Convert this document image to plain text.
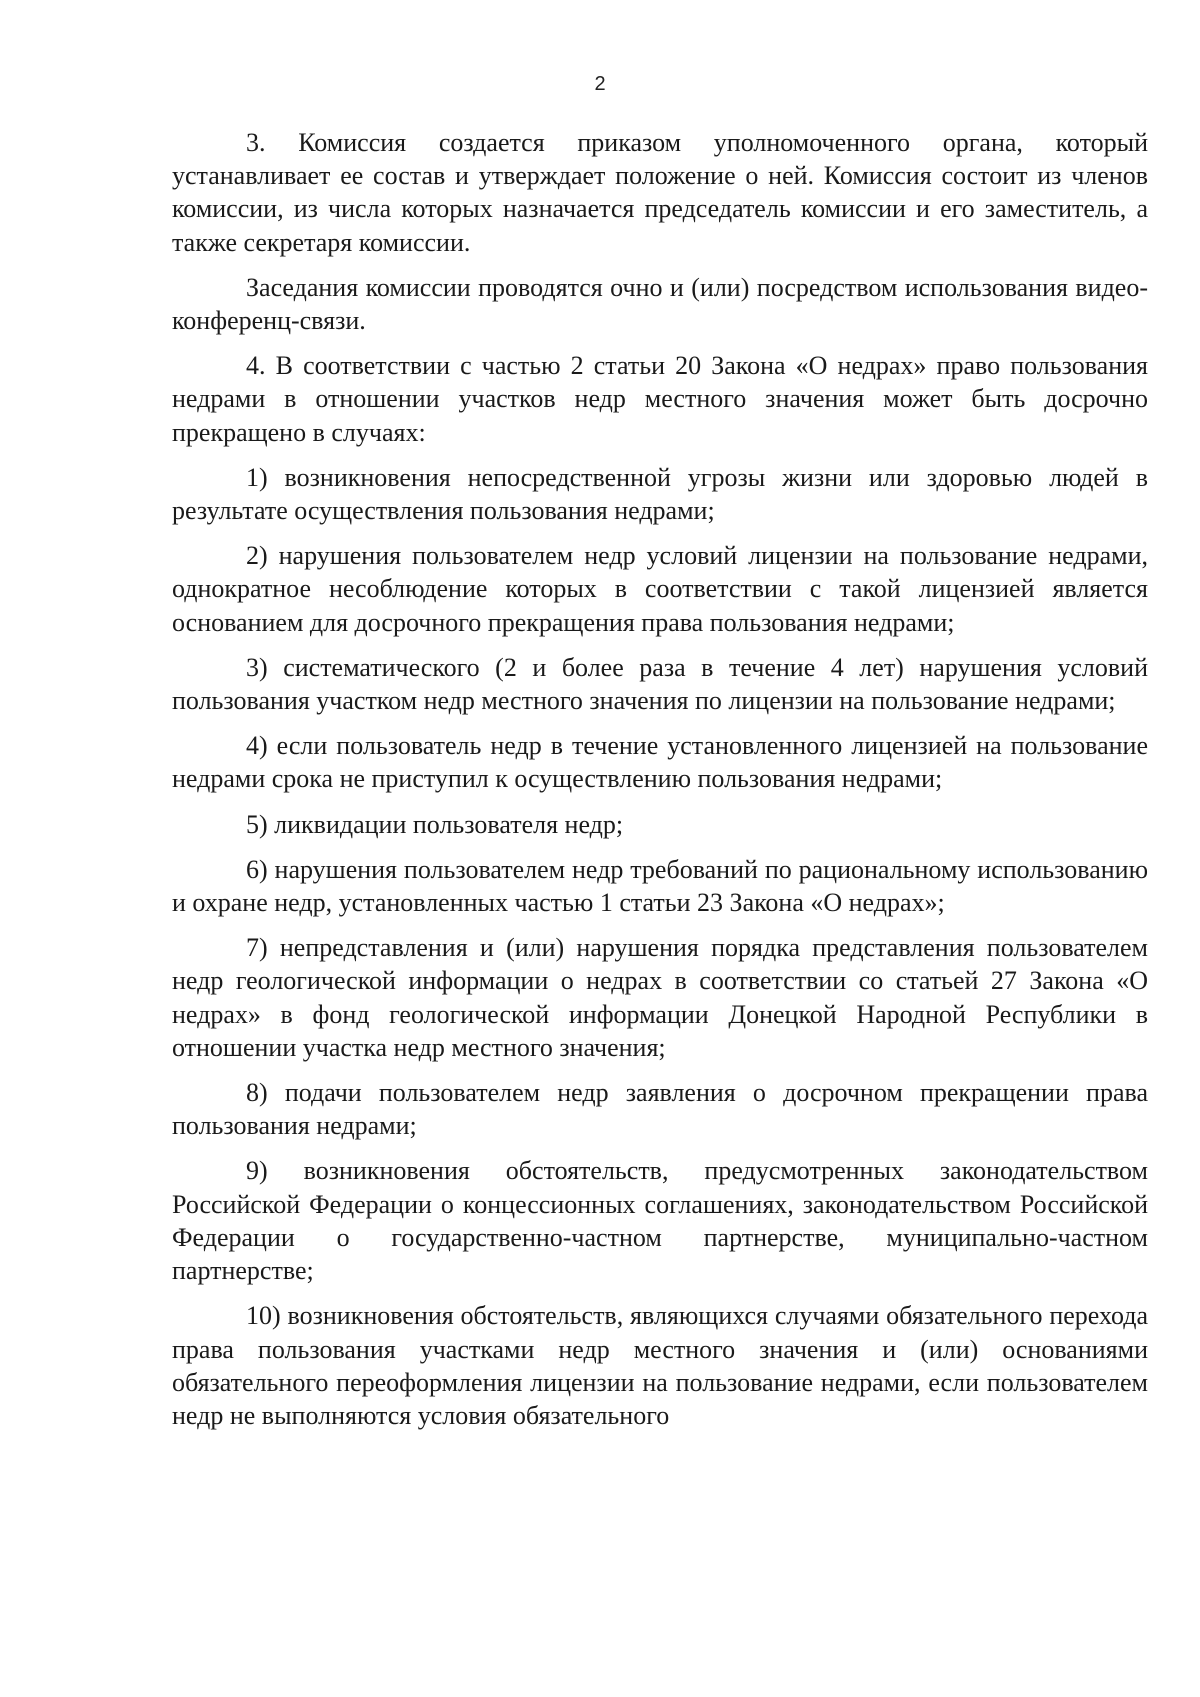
2

3. Комиссия создается приказом уполномоченного органа, который устанавливает ее состав и утверждает положение о ней. Комиссия состоит из членов комиссии, из числа которых назначается председатель комиссии и его заместитель, а также секретаря комиссии.

Заседания комиссии проводятся очно и (или) посредством использования видео-конференц-связи.

4. В соответствии с частью 2 статьи 20 Закона «О недрах» право пользования недрами в отношении участков недр местного значения может быть досрочно прекращено в случаях:

1) возникновения непосредственной угрозы жизни или здоровью людей в результате осуществления пользования недрами;

2) нарушения пользователем недр условий лицензии на пользование недрами, однократное несоблюдение которых в соответствии с такой лицензией является основанием для досрочного прекращения права пользования недрами;

3) систематического (2 и более раза в течение 4 лет) нарушения условий пользования участком недр местного значения по лицензии на пользование недрами;

4) если пользователь недр в течение установленного лицензией на пользование недрами срока не приступил к осуществлению пользования недрами;

5) ликвидации пользователя недр;

6) нарушения пользователем недр требований по рациональному использованию и охране недр, установленных частью 1 статьи 23 Закона «О недрах»;

7) непредставления и (или) нарушения порядка представления пользователем недр геологической информации о недрах в соответствии со статьей 27 Закона «О недрах» в фонд геологической информации Донецкой Народной Республики в отношении участка недр местного значения;

8) подачи пользователем недр заявления о досрочном прекращении права пользования недрами;

9) возникновения обстоятельств, предусмотренных законодательством Российской Федерации о концессионных соглашениях, законодательством Российской Федерации о государственно-частном партнерстве, муниципально-частном партнерстве;

10) возникновения обстоятельств, являющихся случаями обязательного перехода права пользования участками недр местного значения и (или) основаниями обязательного переоформления лицензии на пользование недрами, если пользователем недр не выполняются условия обязательного
